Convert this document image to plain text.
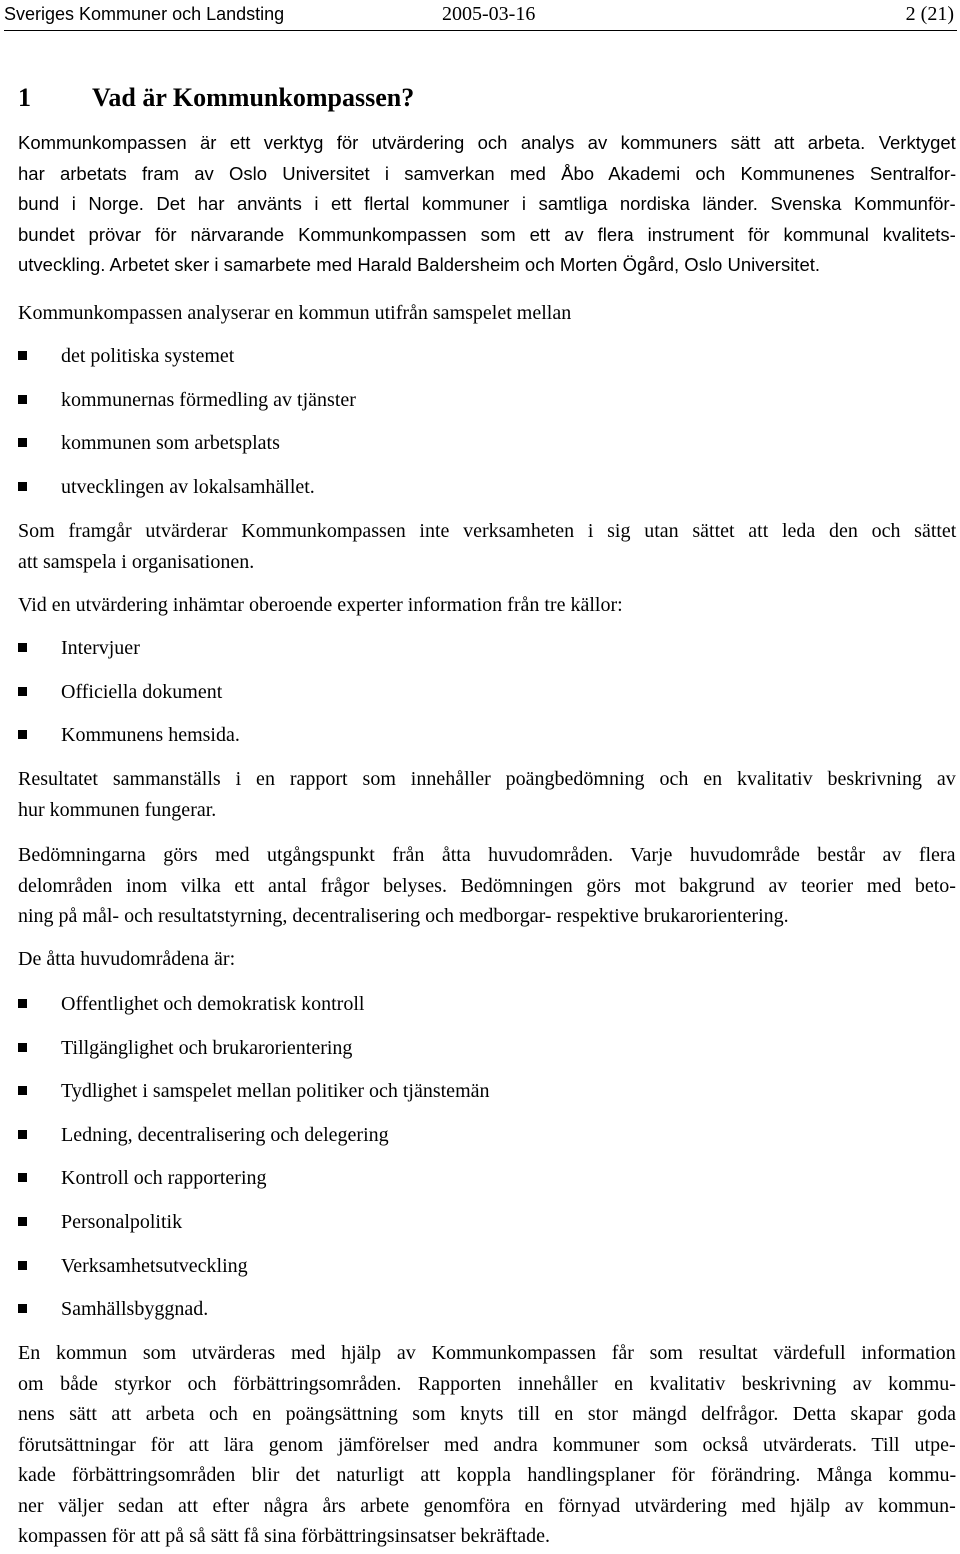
Sveriges Kommuner och Landsting	2005-03-16	2 (21)
1 Vad är Kommunkompassen?

Kommunkompassen är ett verktyg för utvärdering och analys av kommuners sätt att arbeta. Verktyget
har arbetats fram av Oslo Universitet i samverkan med Åbo Akademi och Kommunenes Sentralfor-
bund i Norge. Det har använts i ett flertal kommuner i samtliga nordiska länder. Svenska Kommunför-
bundet prövar för närvarande Kommunkompassen som ett av flera instrument för kommunal kvalitets-
utveckling. Arbetet sker i samarbete med Harald Baldersheim och Morten Ögård, Oslo Universitet.

Kommunkompassen analyserar en kommun utifrån samspelet mellan

det politiska systemet
kommunernas förmedling av tjänster
kommunen som arbetsplats
utvecklingen av lokalsamhället.

Som framgår utvärderar Kommunkompassen inte verksamheten i sig utan sättet att leda den och sättet
att samspela i organisationen.

Vid en utvärdering inhämtar oberoende experter information från tre källor:

Intervjuer
Officiella dokument
Kommunens hemsida.

Resultatet sammanställs i en rapport som innehåller poängbedömning och en kvalitativ beskrivning av
hur kommunen fungerar.

Bedömningarna görs med utgångspunkt från åtta huvudområden. Varje huvudområde består av flera
delområden inom vilka ett antal frågor belyses. Bedömningen görs mot bakgrund av teorier med beto-
ning på mål- och resultatstyrning, decentralisering och medborgar- respektive brukarorientering.

De åtta huvudområdena är:

Offentlighet och demokratisk kontroll
Tillgänglighet och brukarorientering
Tydlighet i samspelet mellan politiker och tjänstemän
Ledning, decentralisering och delegering
Kontroll och rapportering
Personalpolitik
Verksamhetsutveckling
Samhällsbyggnad.

En kommun som utvärderas med hjälp av Kommunkompassen får som resultat värdefull information
om både styrkor och förbättringsområden. Rapporten innehåller en kvalitativ beskrivning av kommu-
nens sätt att arbeta och en poängsättning som knyts till en stor mängd delfrågor. Detta skapar goda
förutsättningar för att lära genom jämförelser med andra kommuner som också utvärderats. Till utpe-
kade förbättringsområden blir det naturligt att koppla handlingsplaner för förändring. Många kommu-
ner väljer sedan att efter några års arbete genomföra en förnyad utvärdering med hjälp av kommun-
kompassen för att på så sätt få sina förbättringsinsatser bekräftade.
